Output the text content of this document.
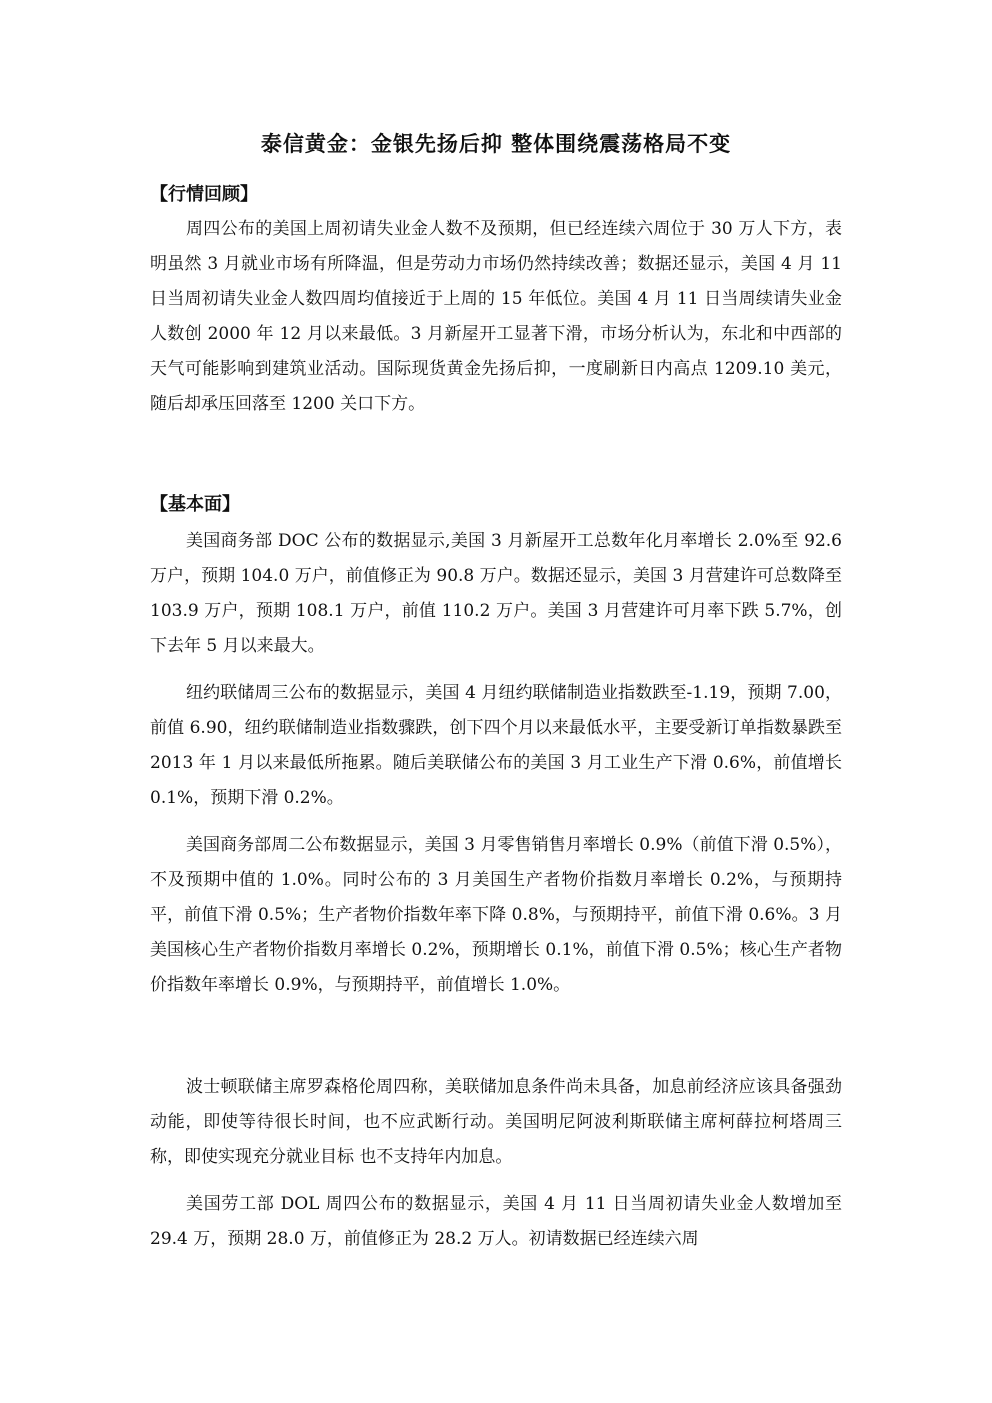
泰信黄金：金银先扬后抑 整体围绕震荡格局不变
【行情回顾】

周四公布的美国上周初请失业金人数不及预期，但已经连续六周位于 30 万人下方，表明虽然 3 月就业市场有所降温，但是劳动力市场仍然持续改善；数据还显示，美国 4 月 11 日当周初请失业金人数四周均值接近于上周的 15 年低位。美国 4 月 11 日当周续请失业金人数创 2000 年 12 月以来最低。3 月新屋开工显著下滑，市场分析认为，东北和中西部的天气可能影响到建筑业活动。国际现货黄金先扬后抑，一度刷新日内高点 1209.10 美元，随后却承压回落至 1200 关口下方。

【基本面】

美国商务部 DOC 公布的数据显示,美国 3 月新屋开工总数年化月率增长 2.0%至 92.6 万户，预期 104.0 万户，前值修正为 90.8 万户。数据还显示，美国 3 月营建许可总数降至 103.9 万户，预期 108.1 万户，前值 110.2 万户。美国 3 月营建许可月率下跌 5.7%，创下去年 5 月以来最大。

纽约联储周三公布的数据显示，美国 4 月纽约联储制造业指数跌至-1.19，预期 7.00，前值 6.90，纽约联储制造业指数骤跌，创下四个月以来最低水平，主要受新订单指数暴跌至 2013 年 1 月以来最低所拖累。随后美联储公布的美国 3 月工业生产下滑 0.6%，前值增长 0.1%，预期下滑 0.2%。

美国商务部周二公布数据显示，美国 3 月零售销售月率增长 0.9%（前值下滑 0.5%），不及预期中值的 1.0%。同时公布的 3 月美国生产者物价指数月率增长 0.2%，与预期持平，前值下滑 0.5%；生产者物价指数年率下降 0.8%，与预期持平，前值下滑 0.6%。3 月美国核心生产者物价指数月率增长 0.2%，预期增长 0.1%，前值下滑 0.5%；核心生产者物价指数年率增长 0.9%，与预期持平，前值增长 1.0%。

波士顿联储主席罗森格伦周四称，美联储加息条件尚未具备，加息前经济应该具备强劲动能，即使等待很长时间，也不应武断行动。美国明尼阿波利斯联储主席柯薛拉柯塔周三称，即使实现充分就业目标 也不支持年内加息。

美国劳工部 DOL 周四公布的数据显示，美国 4 月 11 日当周初请失业金人数增加至 29.4 万，预期 28.0 万，前值修正为 28.2 万人。初请数据已经连续六周
